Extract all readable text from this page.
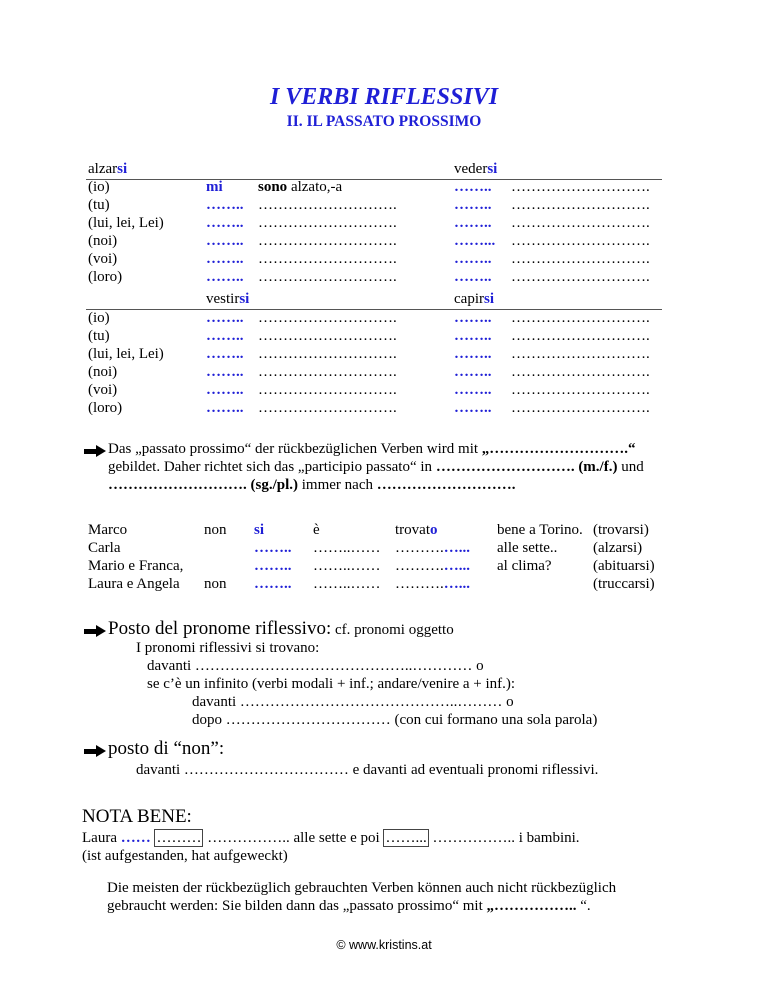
I VERBI RIFLESSIVI
II. IL PASSATO PROSSIMO
alzarsi	vedersi
(io)	mi sono alzato,-a	…….. ……………………….
(tu)	…….. ……………………….	…….. ……………………….
(lui, lei, Lei)	…….. ……………………….	…….. ……………………….
(noi)	…….. ……………………….	……... ……………………….
(voi)	…….. ……………………….	…….. ……………………….
(loro)	…….. ……………………….	…….. ……………………….
vestirsi	capirsi
(io)	…….. ……………………….	…….. ……………………….
(tu)	…….. ……………………….	…….. ……………………….
(lui, lei, Lei)	…….. ……………………….	…….. ……………………….
(noi)	…….. ……………………….	…….. ……………………….
(voi)	…….. ……………………….	…….. ……………………….
(loro)	…….. ……………………….	…….. ……………………….
Das „passato prossimo“ der rückbezüglichen Verben wird mit „……………………….“
gebildet. Daher richtet sich das „participio passato“ in ………………………. (m./f.) und
………………………. (sg./pl.) immer nach ……………………….
Marco	non si	è	trovato	bene a Torino. (trovarsi)
Carla	…….. ……..…… ……….…... alle sette.. (alzarsi)
Mario e Franca,	…….. ……..…… ……….…... al clima?	(abituarsi)
Laura e Angela non …….. ……..…… ……….…...	(truccarsi)
Posto del pronome riflessivo: cf. pronomi oggetto
I pronomi riflessivi si trovano:
davanti ……………………………………..………… o
se c’è un infinito (verbi modali + inf.; andare/venire a + inf.):
davanti ……………………………………..……… o
dopo …………………………… (con cui formano una sola parola)
posto di “non”:
davanti …………………………… e davanti ad eventuali pronomi riflessivi.
NOTA BENE:
Laura …… ……… …………….. alle sette e poi ……... …………….. i bambini.
(ist aufgestanden, hat aufgeweckt)
Die meisten der rückbezüglich gebrauchten Verben können auch nicht rückbezüglich
gebraucht werden: Sie bilden dann das „passato prossimo“ mit „…………….. “.
© www.kristins.at
